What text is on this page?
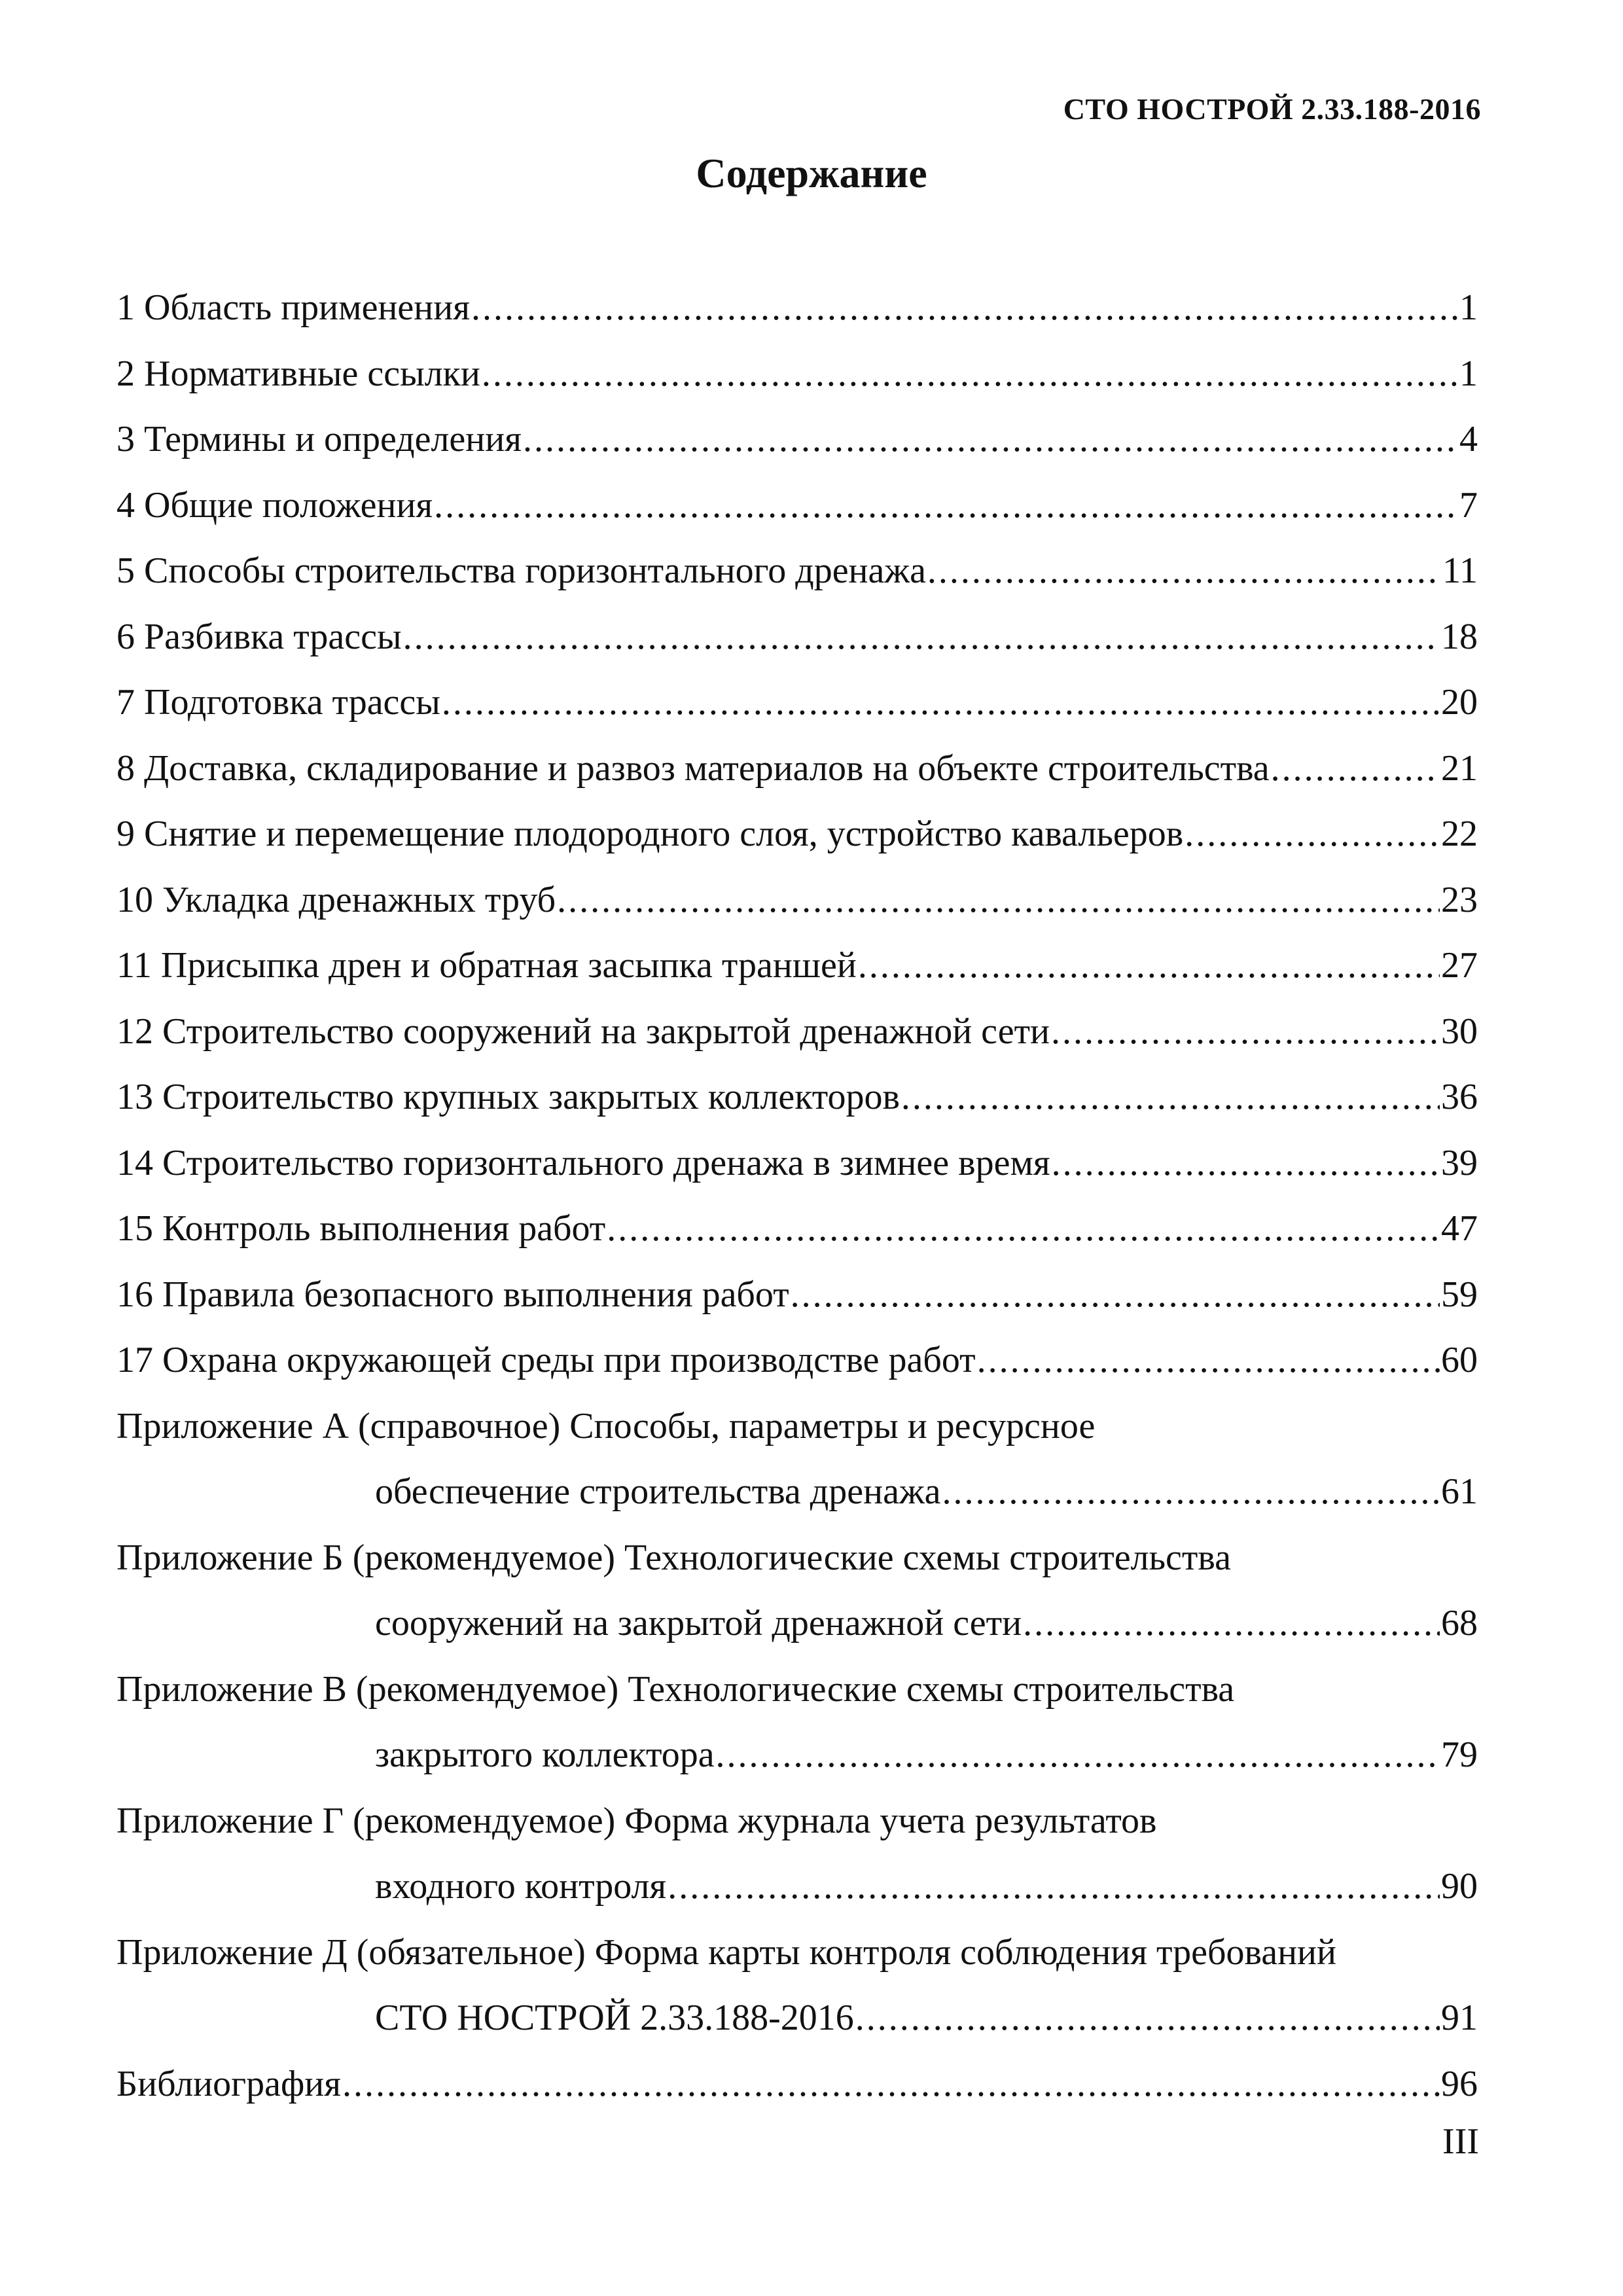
СТО НОСТРОЙ 2.33.188-2016
Содержание
1 Область применения .....	1
2 Нормативные ссылки .....	1
3 Термины и определения .....	4
4 Общие положения .....	7
5 Способы строительства горизонтального дренажа .....	11
6 Разбивка трассы .....	18
7 Подготовка трассы .....	20
8 Доставка, складирование и развоз материалов на объекте строительства .....	21
9 Снятие и перемещение плодородного слоя, устройство кавальеров .....	22
10 Укладка дренажных труб .....	23
11 Присыпка дрен и обратная засыпка траншей .....	27
12 Строительство сооружений на закрытой дренажной сети .....	30
13 Строительство крупных закрытых коллекторов .....	36
14 Строительство горизонтального дренажа в зимнее время .....	39
15 Контроль выполнения работ .....	47
16 Правила безопасного выполнения работ .....	59
17 Охрана окружающей среды при производстве работ .....	60
Приложение А (справочное) Способы, параметры и ресурсное
обеспечение строительства дренажа .....	61
Приложение Б (рекомендуемое) Технологические схемы строительства
сооружений на закрытой дренажной сети .....	68
Приложение В (рекомендуемое) Технологические схемы строительства
закрытого коллектора .....	79
Приложение Г (рекомендуемое) Форма журнала учета результатов
входного контроля .....	90
Приложение Д (обязательное) Форма карты контроля соблюдения требований
СТО НОСТРОЙ 2.33.188-2016 .....	91
Библиография .....	96
III
